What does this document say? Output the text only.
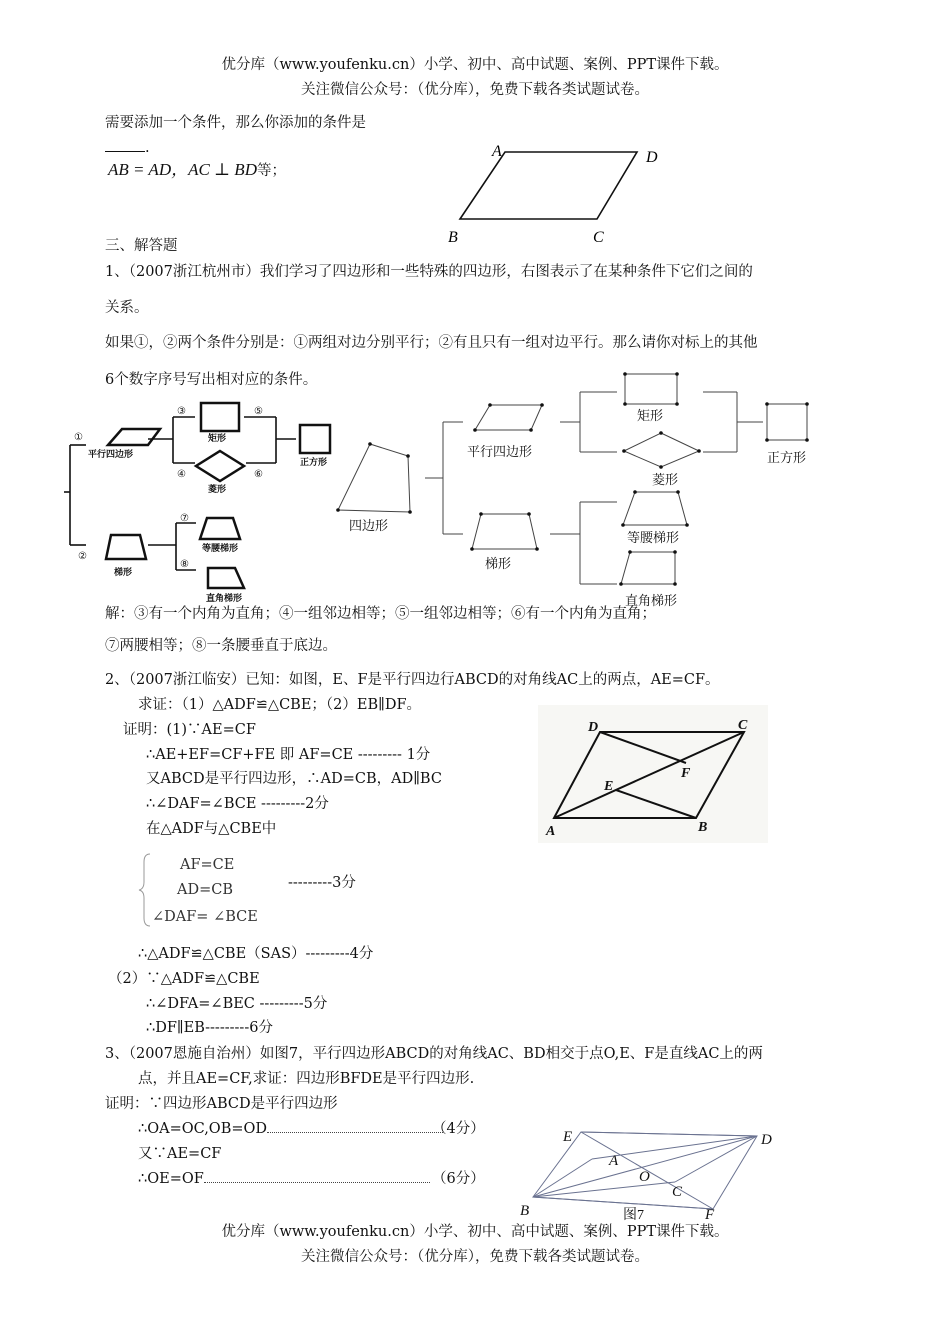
优分库（www.youfenku.cn）小学、初中、高中试题、案例、PPT课件下载。
关注微信公众号：（优分库），免费下载各类试题试卷。
需要添加一个条件，那么你添加的条件是
.
AB = AD，AC ⊥ BD等；
A	D
B	C
三、解答题
1、（2007浙江杭州市）我们学习了四边形和一些特殊的四边形，右图表示了在某种条件下它们之间的
关系。
如果①，②两个条件分别是：①两组对边分别平行；②有且只有一组对边平行。那么请你对标上的其他
6个数字序号写出相对应的条件。
①
②
③
④
⑤
⑥
⑦
⑧
平行四边形
矩形
菱形
正方形
梯形
等腰梯形
直角梯形
四边形
平行四边形
梯形
矩形
菱形
正方形
等腰梯形
直角梯形
解：③有一个内角为直角；④一组邻边相等；⑤一组邻边相等；⑥有一个内角为直角；
⑦两腰相等；⑧一条腰垂直于底边。
2、（2007浙江临安）已知：如图，E、F是平行四边行ABCD的对角线AC上的两点，AE=CF。
求证：（1）△ADF≌△CBE；（2）EB∥DF。
证明：(1)∵AE=CF
∴AE+EF=CF+FE 即 AF=CE --------- 1分
又ABCD是平行四边形，∴AD=CB，AD∥BC
∴∠DAF=∠BCE ---------2分
在△ADF与△CBE中
AF=CE
AD=CB
∠DAF= ∠BCE
---------3分
∴△ADF≌△CBE（SAS）---------4分
（2）∵△ADF≌△CBE
∴∠DFA=∠BEC ---------5分
∴DF∥EB---------6分
D	C
F
E
A	B
3、（2007恩施自治州）如图7，平行四边形ABCD的对角线AC、BD相交于点O,E、F是直线AC上的两
点，并且AE=CF,求证：四边形BFDE是平行四边形.
证明：∵四边形ABCD是平行四边形
∴OA=OC,OB=OD	（4分）
又∵AE=CF
∴OE=OF	（6分）
E	D
A
O
C
B	F
图7
优分库（www.youfenku.cn）小学、初中、高中试题、案例、PPT课件下载。
关注微信公众号：（优分库），免费下载各类试题试卷。
